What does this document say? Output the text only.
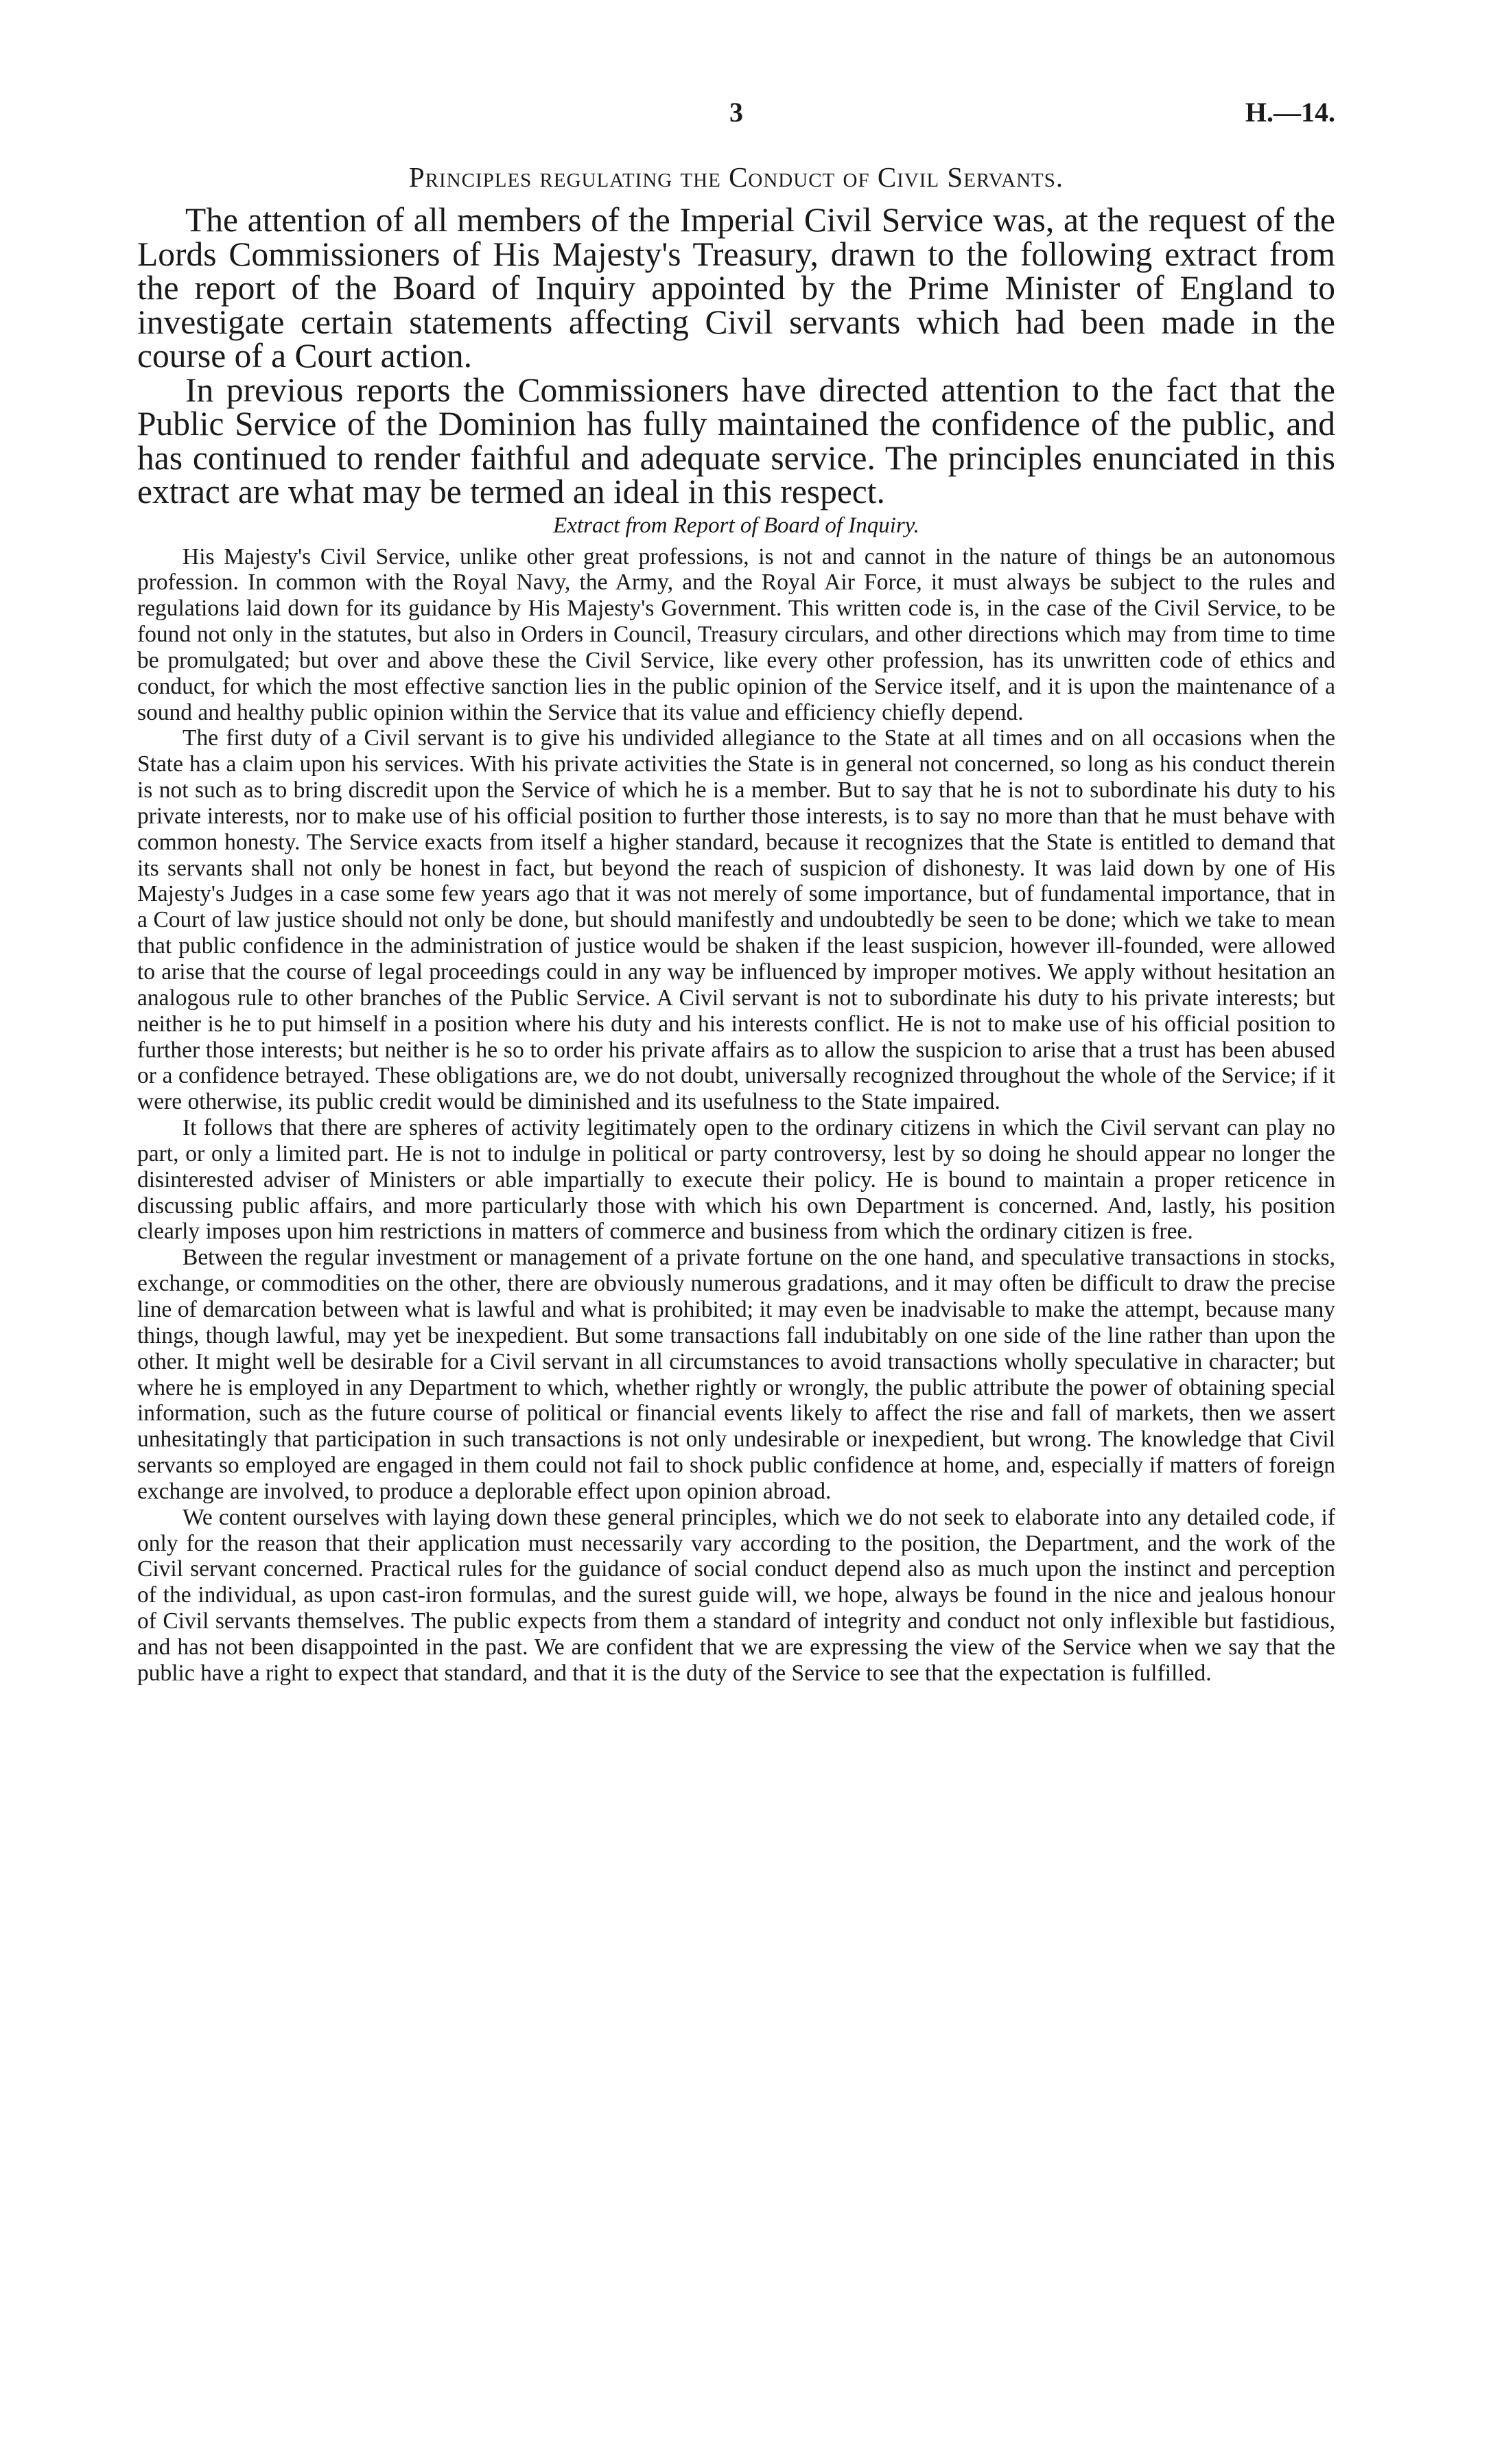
3	H.—14.
Principles regulating the Conduct of Civil Servants.

The attention of all members of the Imperial Civil Service was, at the request of the Lords Commissioners of His Majesty's Treasury, drawn to the following extract from the report of the Board of Inquiry appointed by the Prime Minister of England to investigate certain statements affecting Civil servants which had been made in the course of a Court action.

In previous reports the Commissioners have directed attention to the fact that the Public Service of the Dominion has fully maintained the confidence of the public, and has continued to render faithful and adequate service. The principles enunciated in this extract are what may be termed an ideal in this respect.

Extract from Report of Board of Inquiry.

His Majesty's Civil Service, unlike other great professions, is not and cannot in the nature of things be an autonomous profession. In common with the Royal Navy, the Army, and the Royal Air Force, it must always be subject to the rules and regulations laid down for its guidance by His Majesty's Government. This written code is, in the case of the Civil Service, to be found not only in the statutes, but also in Orders in Council, Treasury circulars, and other directions which may from time to time be promulgated; but over and above these the Civil Service, like every other profession, has its unwritten code of ethics and conduct, for which the most effective sanction lies in the public opinion of the Service itself, and it is upon the maintenance of a sound and healthy public opinion within the Service that its value and efficiency chiefly depend.

The first duty of a Civil servant is to give his undivided allegiance to the State at all times and on all occasions when the State has a claim upon his services. With his private activities the State is in general not concerned, so long as his conduct therein is not such as to bring discredit upon the Service of which he is a member. But to say that he is not to subordinate his duty to his private interests, nor to make use of his official position to further those interests, is to say no more than that he must behave with common honesty. The Service exacts from itself a higher standard, because it recognizes that the State is entitled to demand that its servants shall not only be honest in fact, but beyond the reach of suspicion of dishonesty. It was laid down by one of His Majesty's Judges in a case some few years ago that it was not merely of some importance, but of fundamental importance, that in a Court of law justice should not only be done, but should manifestly and undoubtedly be seen to be done; which we take to mean that public confidence in the administration of justice would be shaken if the least suspicion, however ill-founded, were allowed to arise that the course of legal proceedings could in any way be influenced by improper motives. We apply without hesitation an analogous rule to other branches of the Public Service. A Civil servant is not to subordinate his duty to his private interests; but neither is he to put himself in a position where his duty and his interests conflict. He is not to make use of his official position to further those interests; but neither is he so to order his private affairs as to allow the suspicion to arise that a trust has been abused or a confidence betrayed. These obligations are, we do not doubt, universally recognized throughout the whole of the Service; if it were otherwise, its public credit would be diminished and its usefulness to the State impaired.

It follows that there are spheres of activity legitimately open to the ordinary citizens in which the Civil servant can play no part, or only a limited part. He is not to indulge in political or party controversy, lest by so doing he should appear no longer the disinterested adviser of Ministers or able impartially to execute their policy. He is bound to maintain a proper reticence in discussing public affairs, and more particularly those with which his own Department is concerned. And, lastly, his position clearly imposes upon him restrictions in matters of commerce and business from which the ordinary citizen is free.

Between the regular investment or management of a private fortune on the one hand, and speculative transactions in stocks, exchange, or commodities on the other, there are obviously numerous gradations, and it may often be difficult to draw the precise line of demarcation between what is lawful and what is prohibited; it may even be inadvisable to make the attempt, because many things, though lawful, may yet be inexpedient. But some transactions fall indubitably on one side of the line rather than upon the other. It might well be desirable for a Civil servant in all circumstances to avoid transactions wholly speculative in character; but where he is employed in any Department to which, whether rightly or wrongly, the public attribute the power of obtaining special information, such as the future course of political or financial events likely to affect the rise and fall of markets, then we assert unhesitatingly that participation in such transactions is not only undesirable or inexpedient, but wrong. The knowledge that Civil servants so employed are engaged in them could not fail to shock public confidence at home, and, especially if matters of foreign exchange are involved, to produce a deplorable effect upon opinion abroad.

We content ourselves with laying down these general principles, which we do not seek to elaborate into any detailed code, if only for the reason that their application must necessarily vary according to the position, the Department, and the work of the Civil servant concerned. Practical rules for the guidance of social conduct depend also as much upon the instinct and perception of the individual, as upon cast-iron formulas, and the surest guide will, we hope, always be found in the nice and jealous honour of Civil servants themselves. The public expects from them a standard of integrity and conduct not only inflexible but fastidious, and has not been disappointed in the past. We are confident that we are expressing the view of the Service when we say that the public have a right to expect that standard, and that it is the duty of the Service to see that the expectation is fulfilled.
